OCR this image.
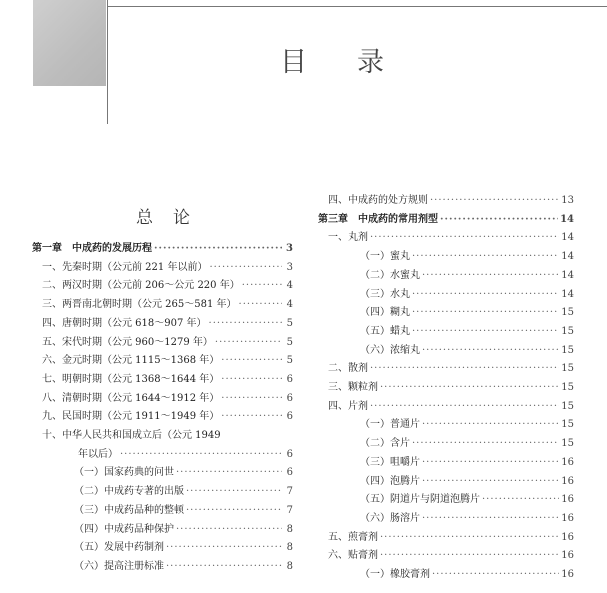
目录
总论
第一章　中成药的发展历程 ·····	3
一、先秦时期（公元前 221 年以前） ·····	3
二、两汉时期（公元前 206～公元 220 年） ·····	4
三、两晋南北朝时期（公元 265～581 年） ·····	4
四、唐朝时期（公元 618～907 年） ·····	5
五、宋代时期（公元 960～1279 年） ·····	5
六、金元时期（公元 1115～1368 年） ·····	5
七、明朝时期（公元 1368～1644 年） ·····	6
八、清朝时期（公元 1644～1912 年） ·····	6
九、民国时期（公元 1911～1949 年） ·····	6
十、中华人民共和国成立后（公元 1949
年以后） ·····	6
（一）国家药典的问世 ·····	6
（二）中成药专著的出版 ·····	7
（三）中成药品种的整顿 ·····	7
（四）中成药品种保护 ·····	8
（五）发展中药制剂 ·····	8
（六）提高注册标准 ·····	8
四、中成药的处方规则 ·····	13
第三章　中成药的常用剂型 ·····	14
一、丸剂 ·····	14
（一）蜜丸 ·····	14
（二）水蜜丸 ·····	14
（三）水丸 ·····	14
（四）糊丸 ·····	15
（五）蜡丸 ·····	15
（六）浓缩丸 ·····	15
二、散剂 ·····	15
三、颗粒剂 ·····	15
四、片剂 ·····	15
（一）普通片 ·····	15
（二）含片 ·····	15
（三）咀嚼片 ·····	16
（四）泡腾片 ·····	16
（五）阴道片与阴道泡腾片 ·····	16
（六）肠溶片 ·····	16
五、煎膏剂 ·····	16
六、贴膏剂 ·····	16
（一）橡胶膏剂 ·····	16
